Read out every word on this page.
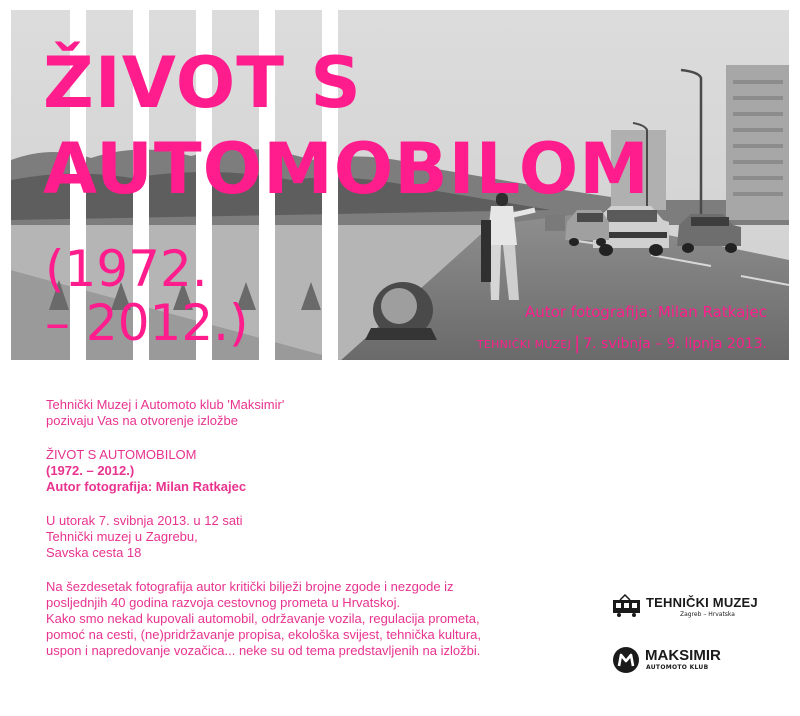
ŽIVOT S
AUTOMOBILOM
(1972.
– 2012.)	Autor fotografija: Milan Ratkajec
TEHNIČKI MUZEJ | 7. svibnja – 9. lipnja 2013.

Tehnički Muzej i Automoto klub 'Maksimir'

pozivaju Vas na otvorenje izložbe

ŽIVOT S AUTOMOBILOM

(1972. – 2012.)

Autor fotografija: Milan Ratkajec

U utorak 7. svibnja 2013. u 12 sati

Tehnički muzej u Zagrebu,

Savska cesta 18

Na šezdesetak fotografija autor kritički bilježi brojne zgode i nezgode iz

posljednjih 40 godina razvoja cestovnog prometa u Hrvatskoj.

Kako smo nekad kupovali automobil, održavanje vozila, regulacija prometa,

pomoć na cesti, (ne)pridržavanje propisa, ekološka svijest, tehnička kultura,

uspon i napredovanje vozačica... neke su od tema predstavljenih na izložbi.

TEHNIČKI MUZEJ
Zagreb – Hrvatska
MAKSIMIR
AUTOMOTO KLUB
